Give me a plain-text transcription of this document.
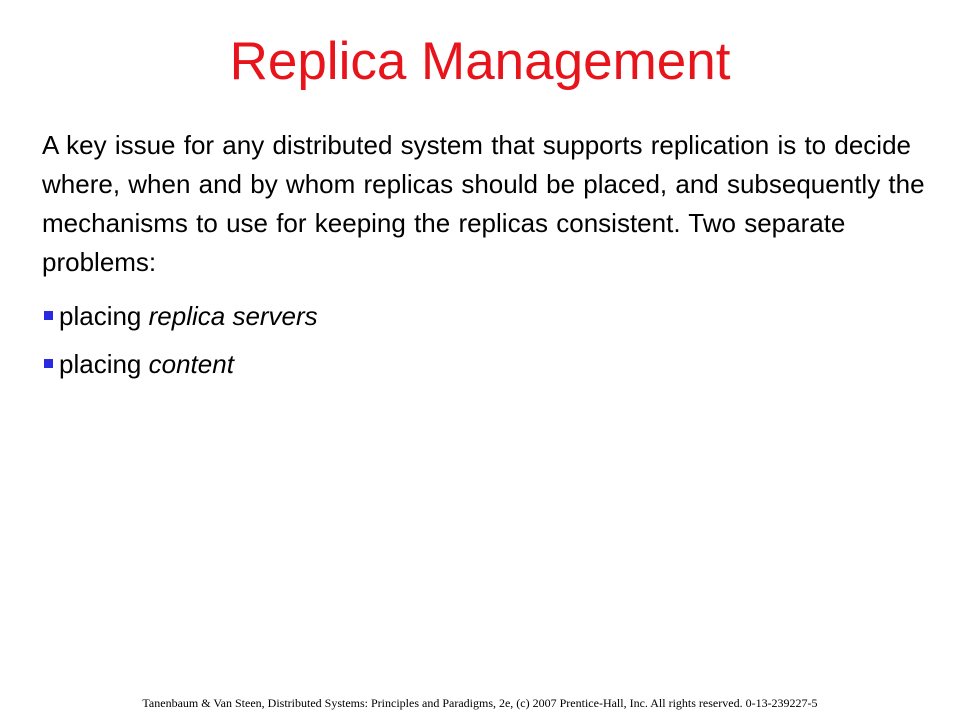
Replica Management

A key issue for any distributed system that supports replication is to decide where, when and by whom replicas should be placed, and subsequently the mechanisms to use for keeping the replicas consistent. Two separate problems:

placing replica servers
placing content
Tanenbaum & Van Steen, Distributed Systems: Principles and Paradigms, 2e, (c) 2007 Prentice-Hall, Inc. All rights reserved. 0-13-239227-5
